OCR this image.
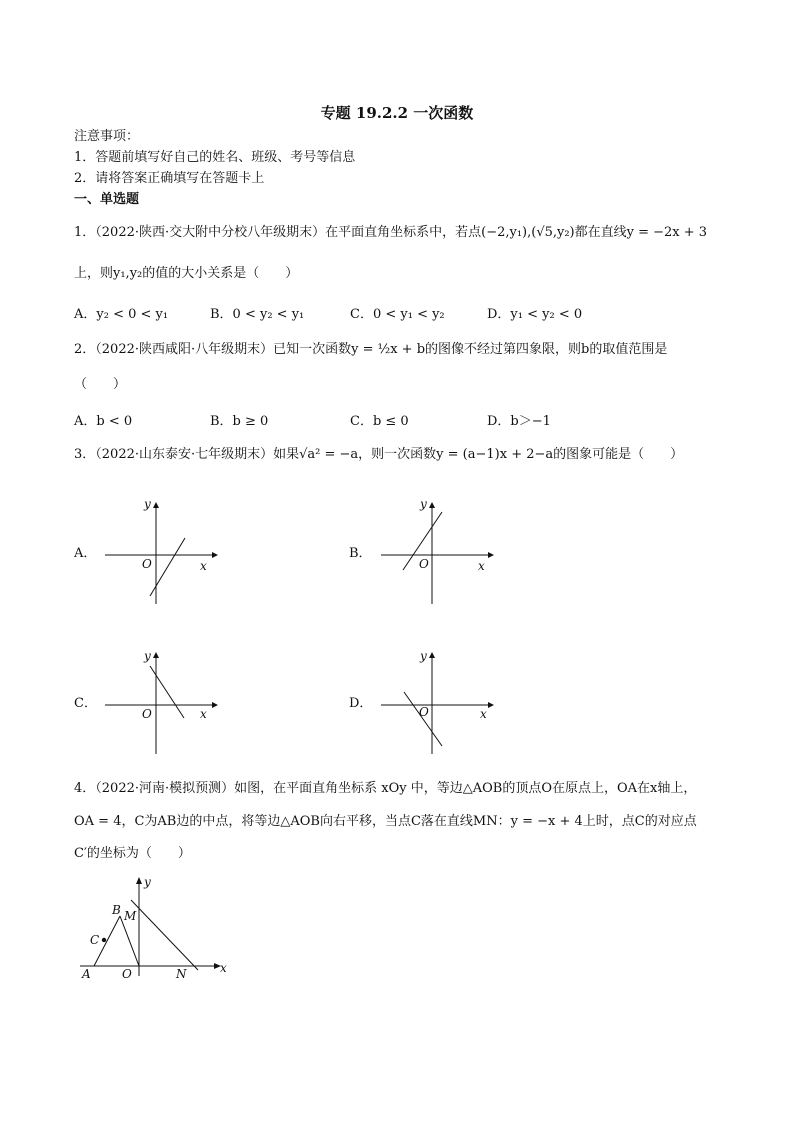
专题 19.2.2 一次函数
注意事项：
1．答题前填写好自己的姓名、班级、考号等信息
2．请将答案正确填写在答题卡上
一、单选题
1．（2022·陕西·交大附中分校八年级期末）在平面直角坐标系中，若点(−2,y₁),(√5,y₂)都在直线y = −2x + 3
上，则y₁,y₂的值的大小关系是（　　）
A．y₂ < 0 < y₁	B．0 < y₂ < y₁	C．0 < y₁ < y₂	D．y₁ < y₂ < 0
2．（2022·陕西咸阳·八年级期末）已知一次函数y = ½x + b的图像不经过第四象限，则b的取值范围是
（　　）
A．b < 0	B．b ≥ 0	C．b ≤ 0	D．b＞−1
3．（2022·山东泰安·七年级期末）如果√a² = −a，则一次函数y = (a−1)x + 2−a的图象可能是（　　）
A．
y
x
O
B．
y
x
O
C．
y
x
O
D．
y
x
O
4．（2022·河南·模拟预测）如图，在平面直角坐标系 xOy 中，等边△AOB的顶点O在原点上，OA在x轴上，
OA = 4，C为AB边的中点，将等边△AOB向右平移，当点C落在直线MN：y = −x + 4上时，点C的对应点
C′的坐标为（　　）
A
B
C
O
M
N	x
y
